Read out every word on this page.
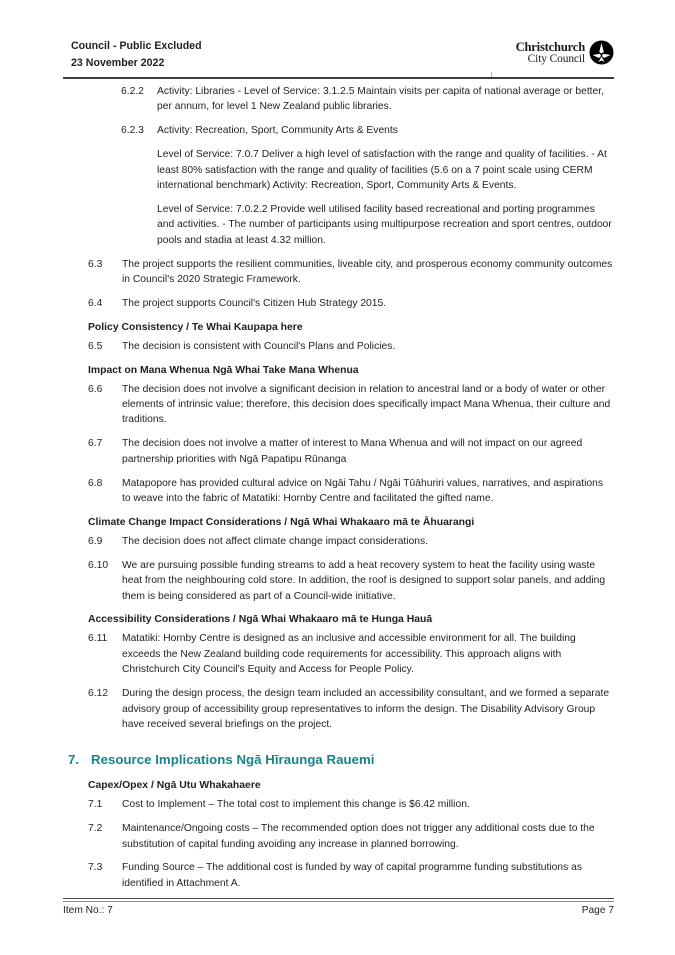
Council - Public Excluded
23 November 2022
Christchurch
City Council
6.2.2	Activity: Libraries - Level of Service: 3.1.2.5 Maintain visits per capita of national average or better, per annum, for level 1 New Zealand public libraries.
6.2.3	Activity: Recreation, Sport, Community Arts & Events
Level of Service: 7.0.7 Deliver a high level of satisfaction with the range and quality of facilities. - At least 80% satisfaction with the range and quality of facilities (5.6 on a 7 point scale using CERM international benchmark) Activity: Recreation, Sport, Community Arts & Events.
Level of Service: 7.0.2.2 Provide well utilised facility based recreational and porting programmes and activities. - The number of participants using multipurpose recreation and sport centres, outdoor pools and stadia at least 4.32 million.
6.3	The project supports the resilient communities, liveable city, and prosperous economy community outcomes in Council's 2020 Strategic Framework.
6.4	The project supports Council's Citizen Hub Strategy 2015.
Policy Consistency / Te Whai Kaupapa here
6.5	The decision is consistent with Council's Plans and Policies.
Impact on Mana Whenua Ngā Whai Take Mana Whenua
6.6	The decision does not involve a significant decision in relation to ancestral land or a body of water or other elements of intrinsic value; therefore, this decision does specifically impact Mana Whenua, their culture and traditions.
6.7	The decision does not involve a matter of interest to Mana Whenua and will not impact on our agreed partnership priorities with Ngā Papatipu Rūnanga
6.8	Matapopore has provided cultural advice on Ngāi Tahu / Ngāi Tūāhuriri values, narratives, and aspirations to weave into the fabric of Matatiki: Hornby Centre and facilitated the gifted name.
Climate Change Impact Considerations / Ngā Whai Whakaaro mā te Āhuarangi
6.9	The decision does not affect climate change impact considerations.
6.10	We are pursuing possible funding streams to add a heat recovery system to heat the facility using waste heat from the neighbouring cold store. In addition, the roof is designed to support solar panels, and adding them is being considered as part of a Council-wide initiative.
Accessibility Considerations / Ngā Whai Whakaaro mā te Hunga Hauā
6.11	Matatiki: Hornby Centre is designed as an inclusive and accessible environment for all. The building exceeds the New Zealand building code requirements for accessibility. This approach aligns with Christchurch City Council's Equity and Access for People Policy.
6.12	During the design process, the design team included an accessibility consultant, and we formed a separate advisory group of accessibility group representatives to inform the design. The Disability Advisory Group have received several briefings on the project.
7. Resource Implications Ngā Hīraunga Rauemi
Capex/Opex / Ngā Utu Whakahaere
7.1	Cost to Implement – The total cost to implement this change is $6.42 million.
7.2	Maintenance/Ongoing costs – The recommended option does not trigger any additional costs due to the substitution of capital funding avoiding any increase in planned borrowing.
7.3	Funding Source – The additional cost is funded by way of capital programme funding substitutions as identified in Attachment A.
Item No.: 7	Page 7
